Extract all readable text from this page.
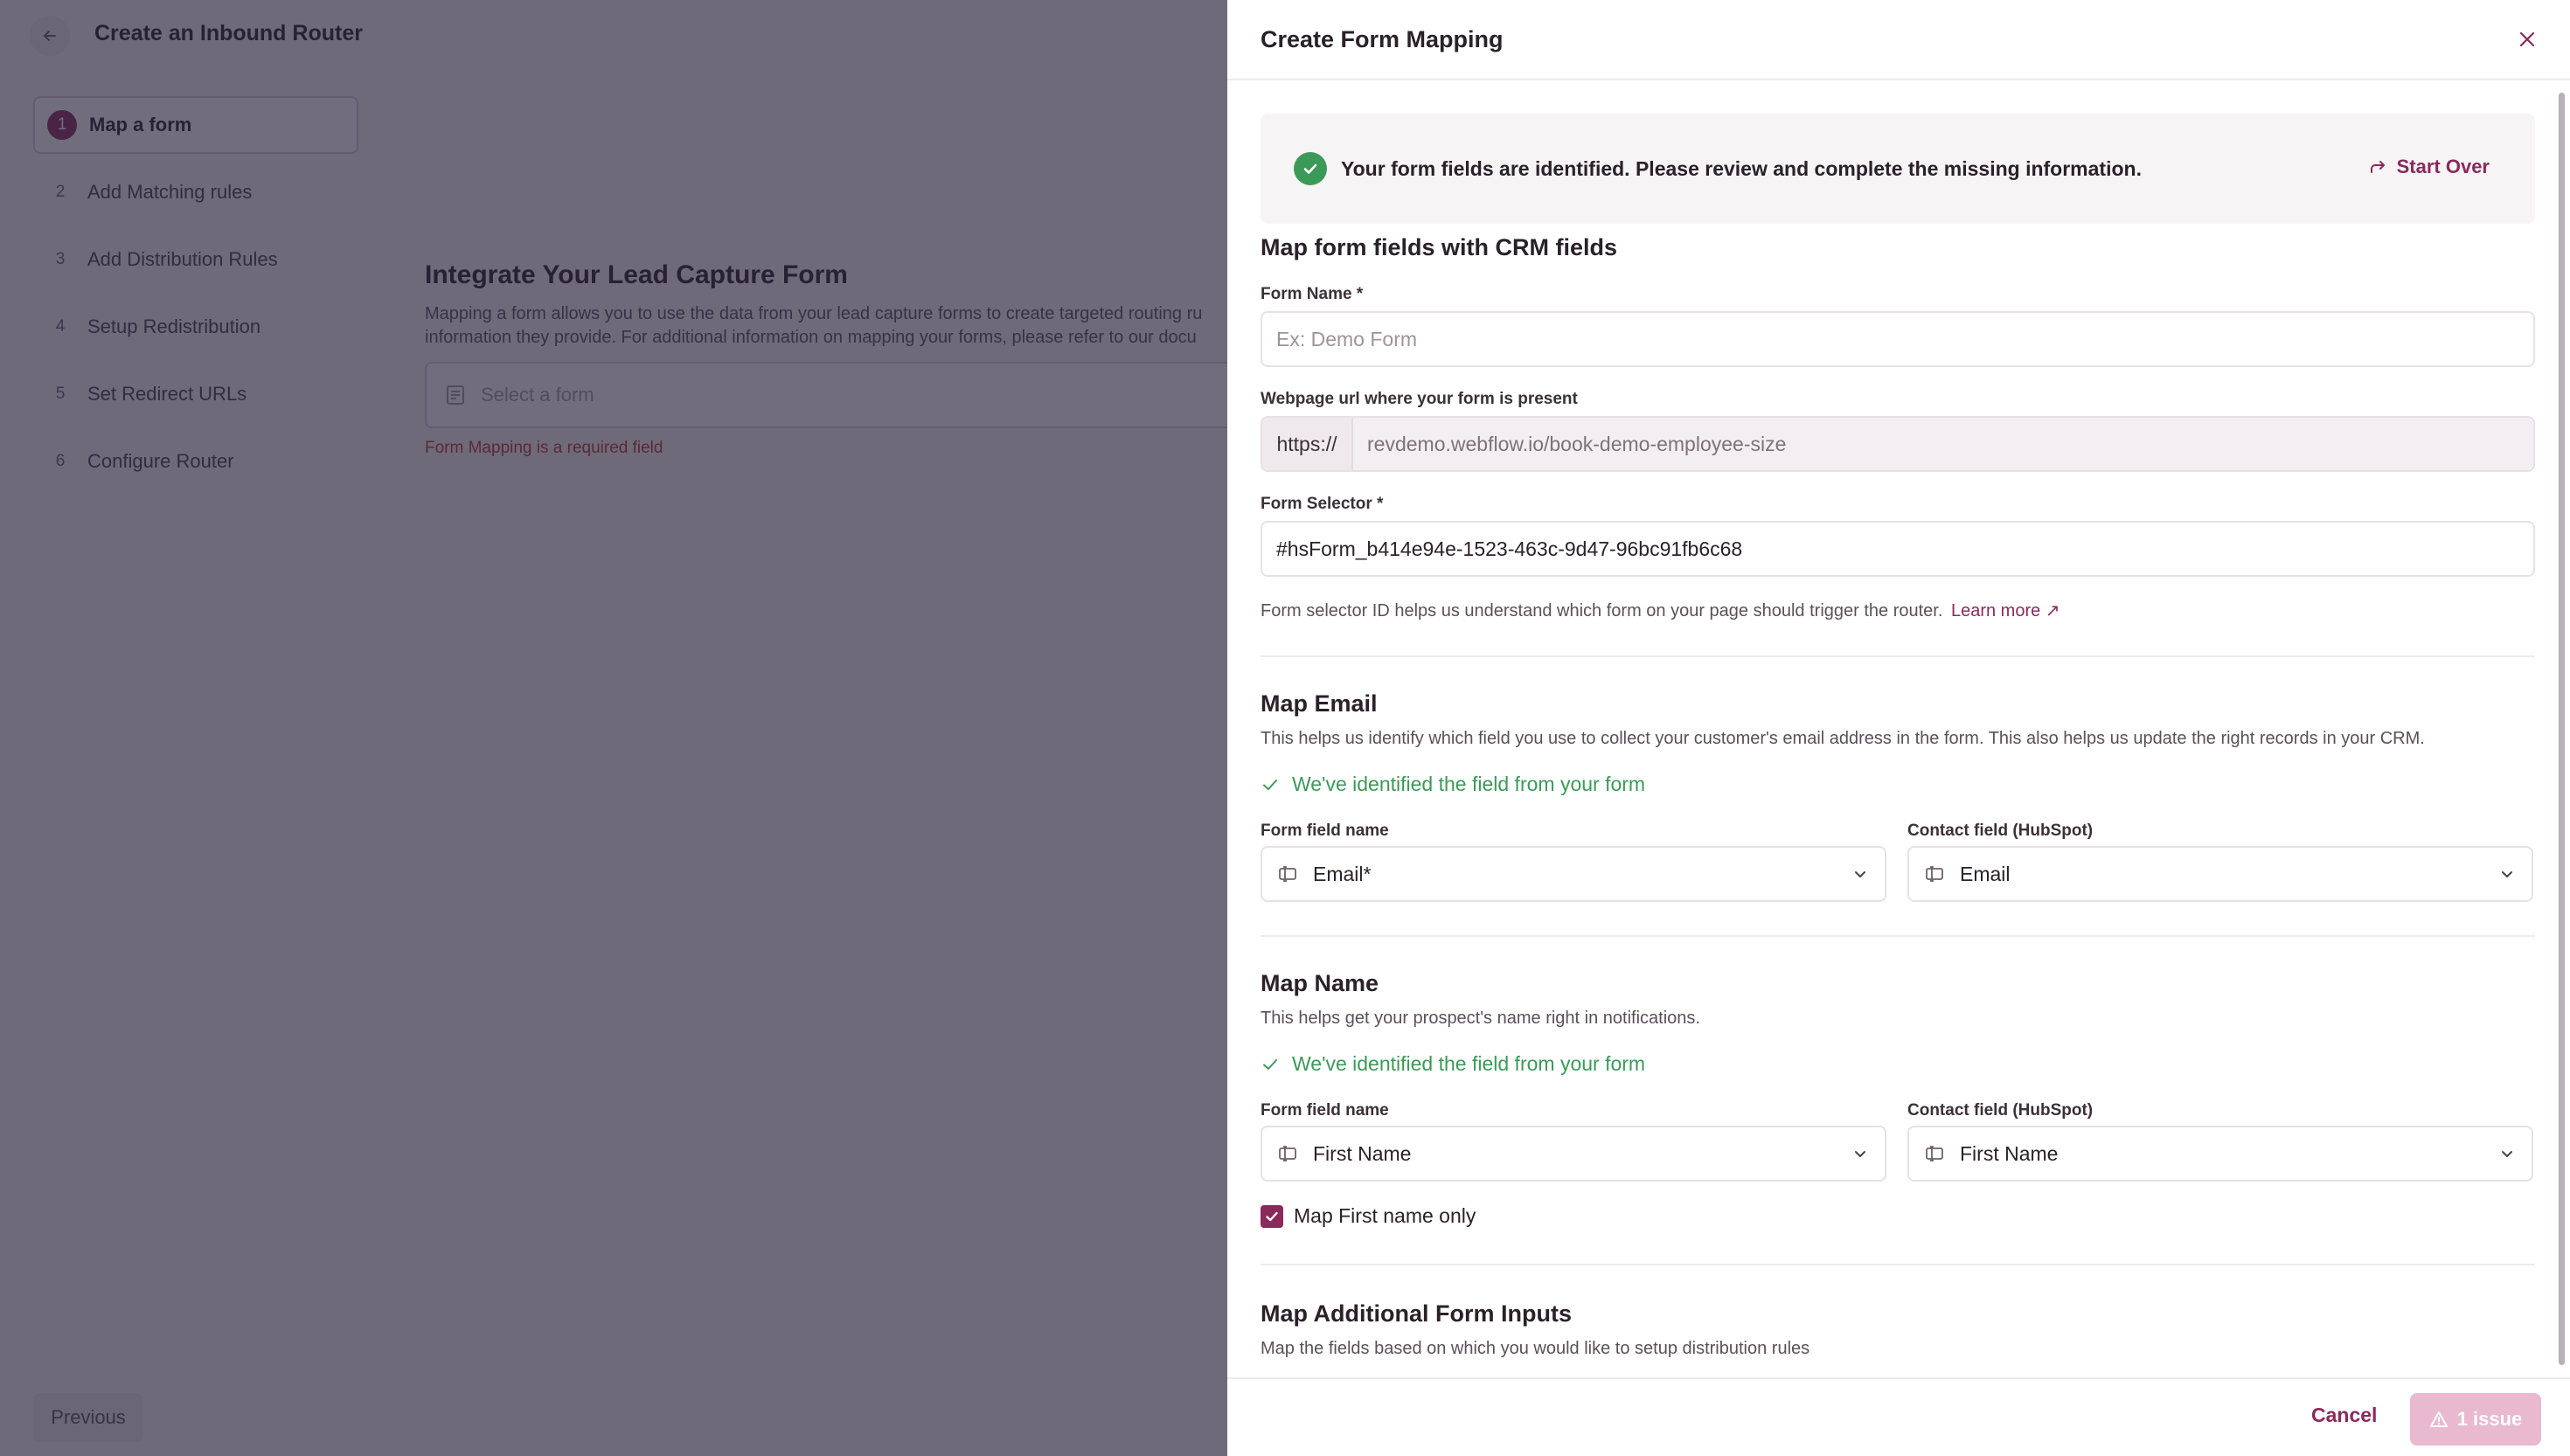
Create Form Mapping
Your form fields are identified. Please review and complete the missing information.	Start Over
Map form fields with CRM fields
Form Name *
Ex: Demo Form
Webpage url where your form is present
https://	revdemo.webflow.io/book-demo-employee-size
Form Selector *
#hsForm_b414e94e-1523-463c-9d47-96bc91fb6c68
Form selector ID helps us understand which form on your page should trigger the router. Learn more ↗
Map Email
This helps us identify which field you use to collect your customer's email address in the form. This also helps us update the right records in your CRM.
We've identified the field from your form
Form field name	Contact field (HubSpot)
Email*	Email
Map Name
This helps get your prospect's name right in notifications.
We've identified the field from your form
Form field name	Contact field (HubSpot)
First Name	First Name
Map First name only
Map Additional Form Inputs
Map the fields based on which you would like to setup distribution rules
Cancel	1 issue
